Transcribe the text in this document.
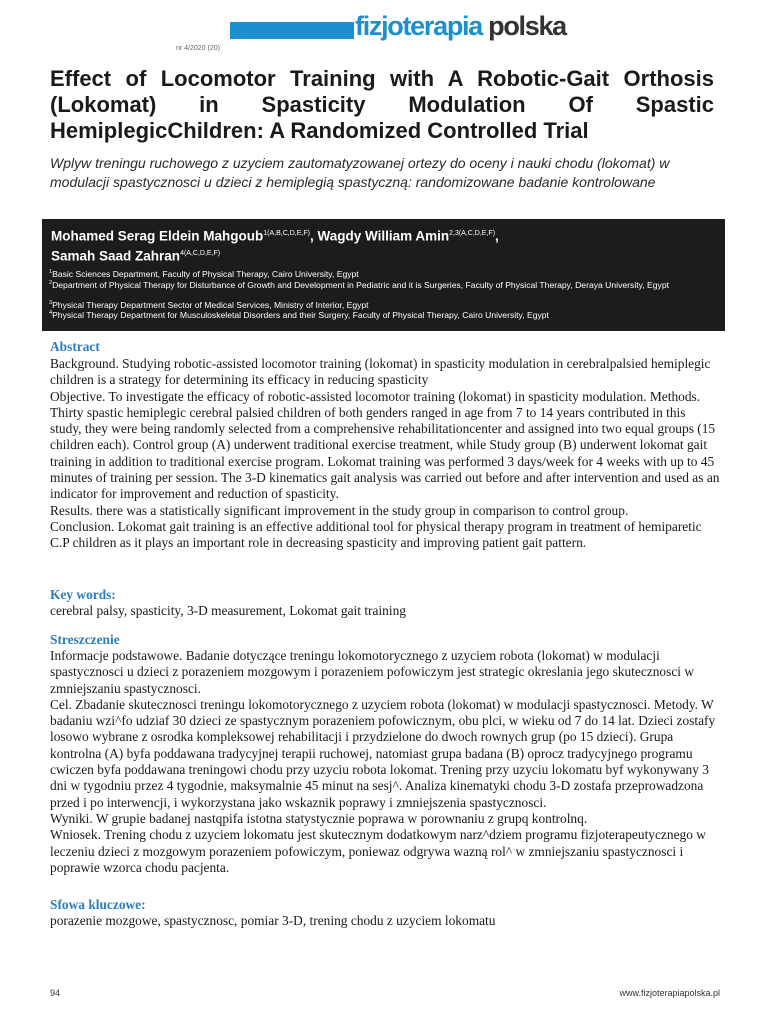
fizjoterapia polska
nr 4/2020 (20)
Effect of Locomotor Training with A Robotic-Gait Orthosis (Lokomat) in Spasticity Modulation Of Spastic HemiplegicChildren: A Randomized Controlled Trial

Wplyw treningu ruchowego z uzyciem zautomatyzowanej ortezy do oceny i nauki chodu (lokomat) w modulacji spastycznosci u dzieci z hemiplegią spastyczną: randomizowane badanie kontrolowane

Mohamed Serag Eldein Mahgoub$^{1(A,B,C,D,E,F)}$, Wagdy William Amin$^{2,3(A,C,D,E,F)}$,
Samah Saad Zahran$^{4(A,C,D,E,F)}$
$^1$Basic Sciences Department, Faculty of Physical Therapy, Cairo University, Egypt
$^2$Department of Physical Therapy for Disturbance of Growth and Development in Pediatric and it is Surgeries, Faculty of Physical Therapy, Deraya University, Egypt
$^3$Physical Therapy Department Sector of Medical Services, Ministry of Interior, Egypt
$^4$Physical Therapy Department for Musculoskeletal Disorders and their Surgery, Faculty of Physical Therapy, Cairo University, Egypt
Abstract
Background. Studying robotic-assisted locomotor training (lokomat) in spasticity modulation in cerebralpalsied hemiplegic children is a strategy for determining its efficacy in reducing spasticity
Objective. To investigate the efficacy of robotic-assisted locomotor training (lokomat) in spasticity modulation. Methods. Thirty spastic hemiplegic cerebral palsied children of both genders ranged in age from 7 to 14 years contributed in this study, they were being randomly selected from a comprehensive rehabilitationcenter and assigned into two equal groups (15 children each). Control group (A) underwent traditional exercise treatment, while Study group (B) underwent lokomat gait training in addition to traditional exercise program. Lokomat training was performed 3 days/week for 4 weeks with up to 45 minutes of training per session. The 3-D kinematics gait analysis was carried out before and after intervention and used as an indicator for improvement and reduction of spasticity.
Results. there was a statistically significant improvement in the study group in comparison to control group.
Conclusion. Lokomat gait training is an effective additional tool for physical therapy program in treatment of hemiparetic C.P children as it plays an important role in decreasing spasticity and improving patient gait pattern.
Key words:
cerebral palsy, spasticity, 3-D measurement, Lokomat gait training
Streszczenie
Informacje podstawowe. Badanie dotyczące treningu lokomotorycznego z uzyciem robota (lokomat) w modulacji spastycznosci u dzieci z porazeniem mozgowym i porazeniem pofowiczym jest strategic okreslania jego skutecznosci w zmniejszaniu spastycznosci.
Cel. Zbadanie skutecznosci treningu lokomotorycznego z uzyciem robota (lokomat) w modulacji spastycznosci. Metody. W badaniu wzi^fo udziaf 30 dzieci ze spastycznym porazeniem pofowicznym, obu plci, w wieku od 7 do 14 lat. Dzieci zostafy losowo wybrane z osrodka kompleksowej rehabilitacji i przydzielone do dwoch rownych grup (po 15 dzieci). Grupa kontrolna (A) byfa poddawana tradycyjnej terapii ruchowej, natomiast grupa badana (B) oprocz tradycyjnego programu cwiczen byfa poddawana treningowi chodu przy uzyciu robota lokomat. Trening przy uzyciu lokomatu byf wykonywany 3 dni w tygodniu przez 4 tygodnie, maksymalnie 45 minut na sesj^. Analiza kinematyki chodu 3-D zostafa przeprowadzona przed i po interwencji, i wykorzystana jako wskaznik poprawy i zmniejszenia spastycznosci.
Wyniki. W grupie badanej nastqpifa istotna statystycznie poprawa w porownaniu z grupq kontrolnq.
Wniosek. Trening chodu z uzyciem lokomatu jest skutecznym dodatkowym narz^dziem programu fizjoterapeutycznego w leczeniu dzieci z mozgowym porazeniem pofowiczym, poniewaz odgrywa wazną rol^ w zmniejszaniu spastycznosci i poprawie wzorca chodu pacjenta.
Sfowa kluczowe:
porazenie mozgowe, spastycznosc, pomiar 3-D, trening chodu z uzyciem lokomatu
94	www.fizjoterapiapolska.pl
